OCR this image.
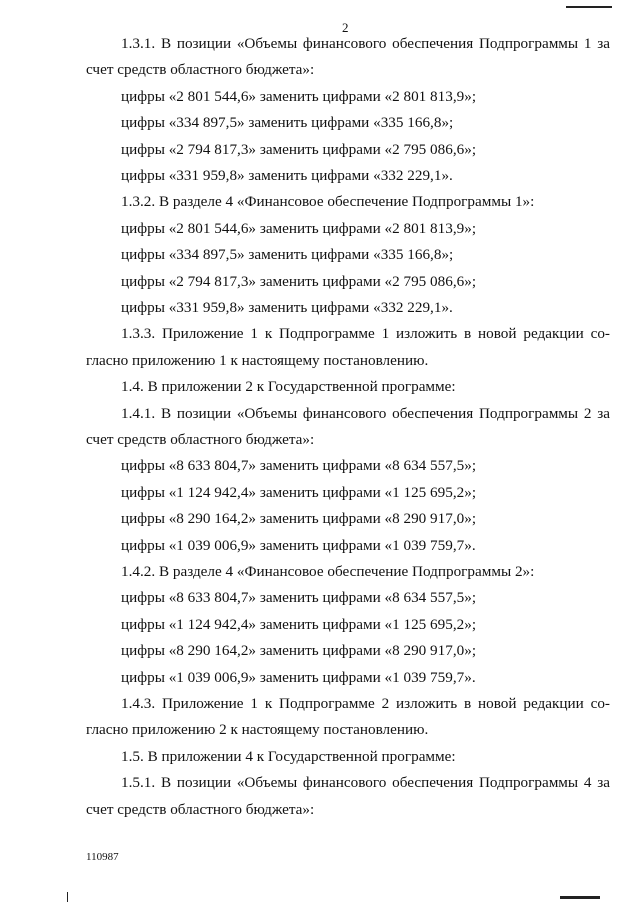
2
1.3.1. В позиции «Объемы финансового обеспечения Подпрограммы 1 за
счет средств областного бюджета»:
цифры «2 801 544,6» заменить цифрами «2 801 813,9»;
цифры «334 897,5» заменить цифрами «335 166,8»;
цифры «2 794 817,3» заменить цифрами «2 795 086,6»;
цифры «331 959,8» заменить цифрами «332 229,1».
1.3.2. В разделе 4 «Финансовое обеспечение Подпрограммы 1»:
цифры «2 801 544,6» заменить цифрами «2 801 813,9»;
цифры «334 897,5» заменить цифрами «335 166,8»;
цифры «2 794 817,3» заменить цифрами «2 795 086,6»;
цифры «331 959,8» заменить цифрами «332 229,1».
1.3.3. Приложение 1 к Подпрограмме 1 изложить в новой редакции со-
гласно приложению 1 к настоящему постановлению.
1.4. В приложении 2 к Государственной программе:
1.4.1. В позиции «Объемы финансового обеспечения Подпрограммы 2 за
счет средств областного бюджета»:
цифры «8 633 804,7» заменить цифрами «8 634 557,5»;
цифры «1 124 942,4» заменить цифрами «1 125 695,2»;
цифры «8 290 164,2» заменить цифрами «8 290 917,0»;
цифры «1 039 006,9» заменить цифрами «1 039 759,7».
1.4.2. В разделе 4 «Финансовое обеспечение Подпрограммы 2»:
цифры «8 633 804,7» заменить цифрами «8 634 557,5»;
цифры «1 124 942,4» заменить цифрами «1 125 695,2»;
цифры «8 290 164,2» заменить цифрами «8 290 917,0»;
цифры «1 039 006,9» заменить цифрами «1 039 759,7».
1.4.3. Приложение 1 к Подпрограмме 2 изложить в новой редакции со-
гласно приложению 2 к настоящему постановлению.
1.5. В приложении 4 к Государственной программе:
1.5.1. В позиции «Объемы финансового обеспечения Подпрограммы 4 за
счет средств областного бюджета»:
110987
